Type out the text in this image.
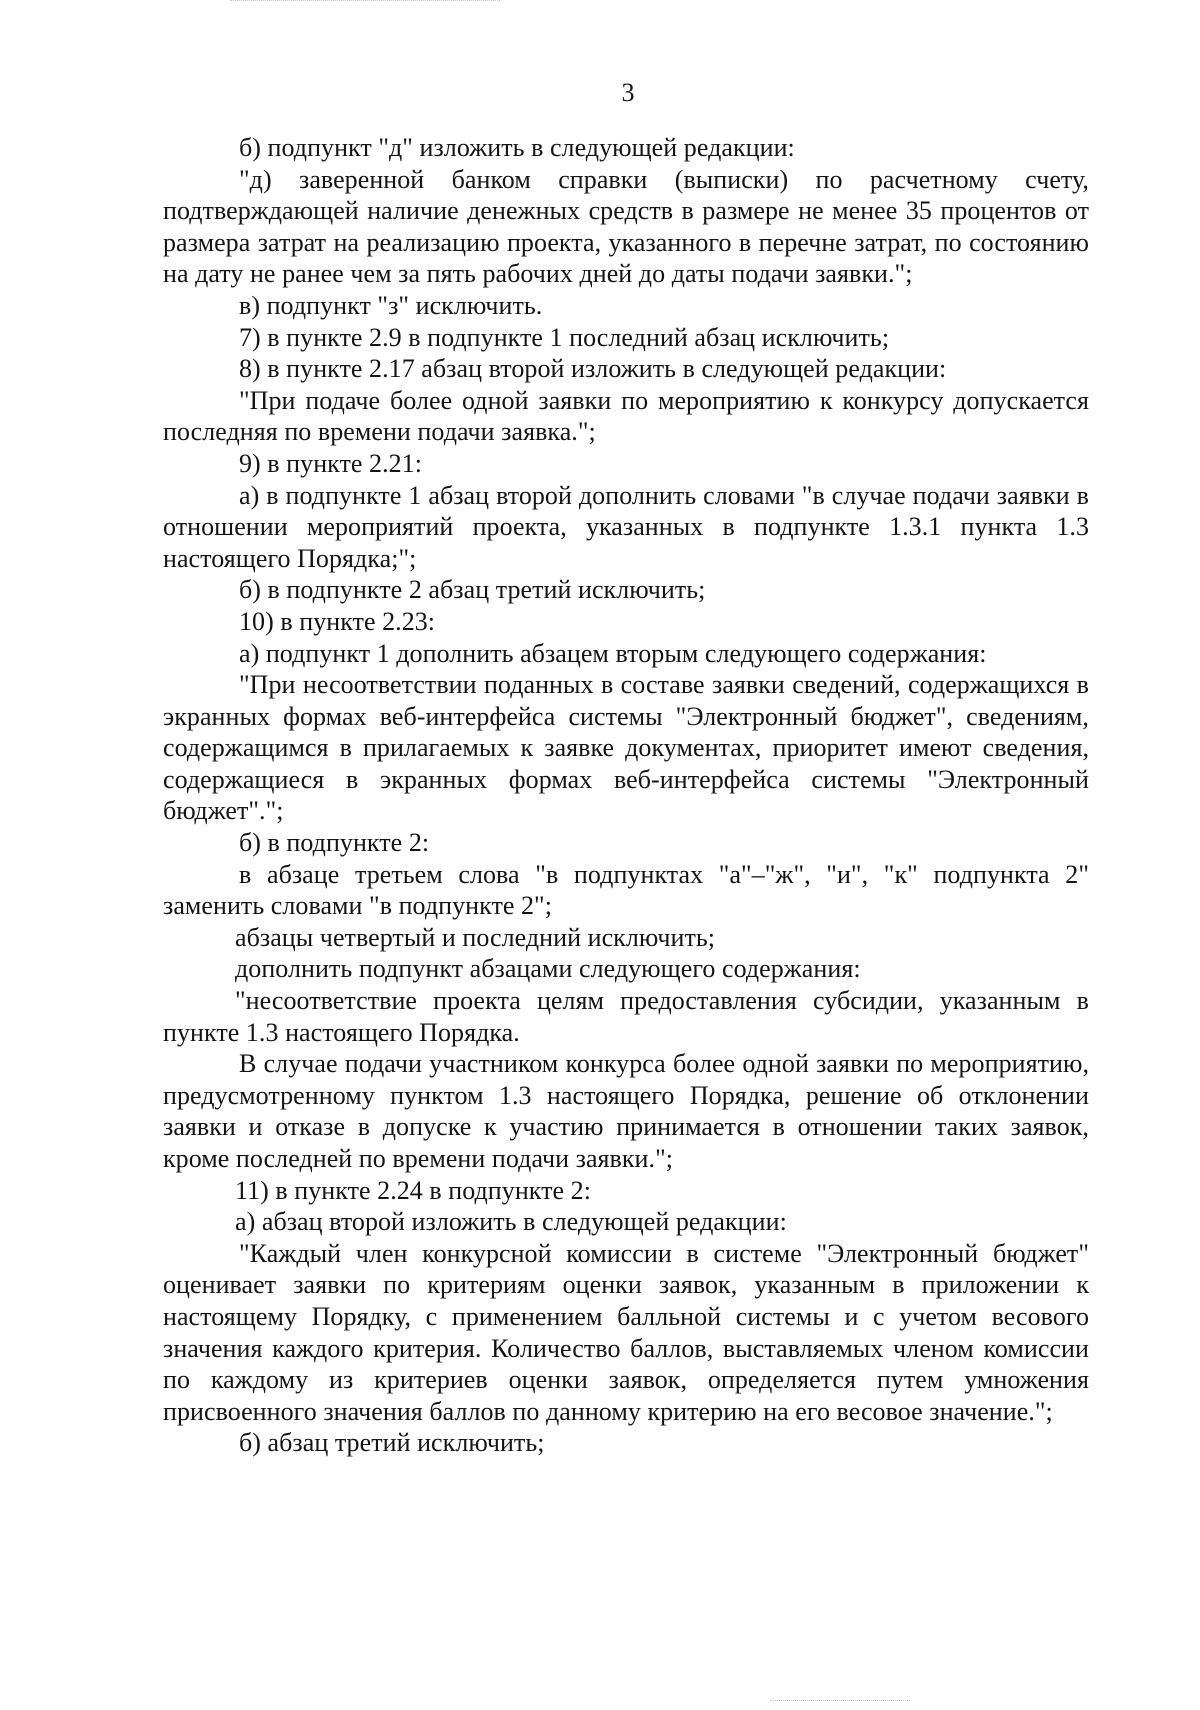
3

б) подпункт "д" изложить в следующей редакции:

"д) заверенной банком справки (выписки) по расчетному счету, подтверждающей наличие денежных средств в размере не менее 35 процентов от размера затрат на реализацию проекта, указанного в перечне затрат, по состоянию на дату не ранее чем за пять рабочих дней до даты подачи заявки.";

в) подпункт "з" исключить.

7) в пункте 2.9 в подпункте 1 последний абзац исключить;

8) в пункте 2.17 абзац второй изложить в следующей редакции:

"При подаче более одной заявки по мероприятию к конкурсу допускается последняя по времени подачи заявка.";

9) в пункте 2.21:

а) в подпункте 1 абзац второй дополнить словами "в случае подачи заявки в отношении мероприятий проекта, указанных в подпункте 1.3.1 пункта 1.3 настоящего Порядка;";

б) в подпункте 2 абзац третий исключить;

10) в пункте 2.23:

а) подпункт 1 дополнить абзацем вторым следующего содержания:

"При несоответствии поданных в составе заявки сведений, содержащихся в экранных формах веб-интерфейса системы "Электронный бюджет", сведениям, содержащимся в прилагаемых к заявке документах, приоритет имеют сведения, содержащиеся в экранных формах веб-интерфейса системы "Электронный бюджет".";

б) в подпункте 2:

в абзаце третьем слова "в подпунктах "а"–"ж", "и", "к" подпункта 2" заменить словами "в подпункте 2";

абзацы четвертый и последний исключить;

дополнить подпункт абзацами следующего содержания:

"несоответствие проекта целям предоставления субсидии, указанным в пункте 1.3 настоящего Порядка.

В случае подачи участником конкурса более одной заявки по мероприятию, предусмотренному пунктом 1.3 настоящего Порядка, решение об отклонении заявки и отказе в допуске к участию принимается в отношении таких заявок, кроме последней по времени подачи заявки.";

11) в пункте 2.24 в подпункте 2:

а) абзац второй изложить в следующей редакции:

"Каждый член конкурсной комиссии в системе "Электронный бюджет" оценивает заявки по критериям оценки заявок, указанным в приложении к настоящему Порядку, с применением балльной системы и с учетом весового значения каждого критерия. Количество баллов, выставляемых членом комиссии по каждому из критериев оценки заявок, определяется путем умножения присвоенного значения баллов по данному критерию на его весовое значение.";

б) абзац третий исключить;
